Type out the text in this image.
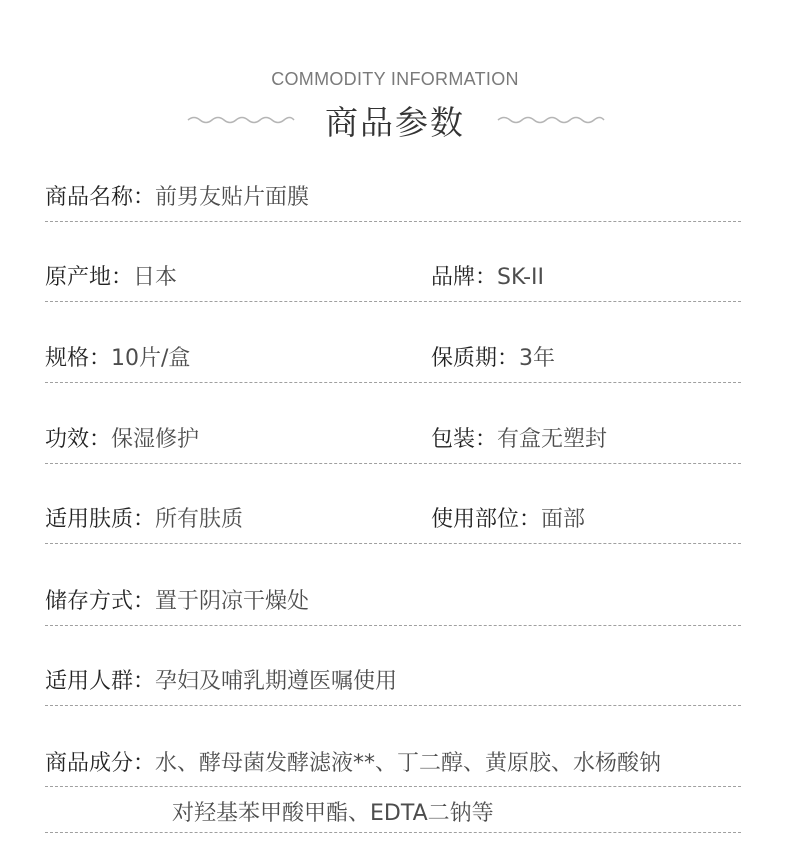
COMMODITY INFORMATION
商品参数
商品名称：前男友贴片面膜
原产地：日本	品牌：SK-II
规格：10片/盒	保质期：3年
功效：保湿修护	包装：有盒无塑封
适用肤质：所有肤质	使用部位：面部
储存方式：置于阴凉干燥处
适用人群：孕妇及哺乳期遵医嘱使用
商品成分：水、酵母菌发酵滤液**、丁二醇、黄原胶、水杨酸钠
对羟基苯甲酸甲酯、EDTA二钠等
